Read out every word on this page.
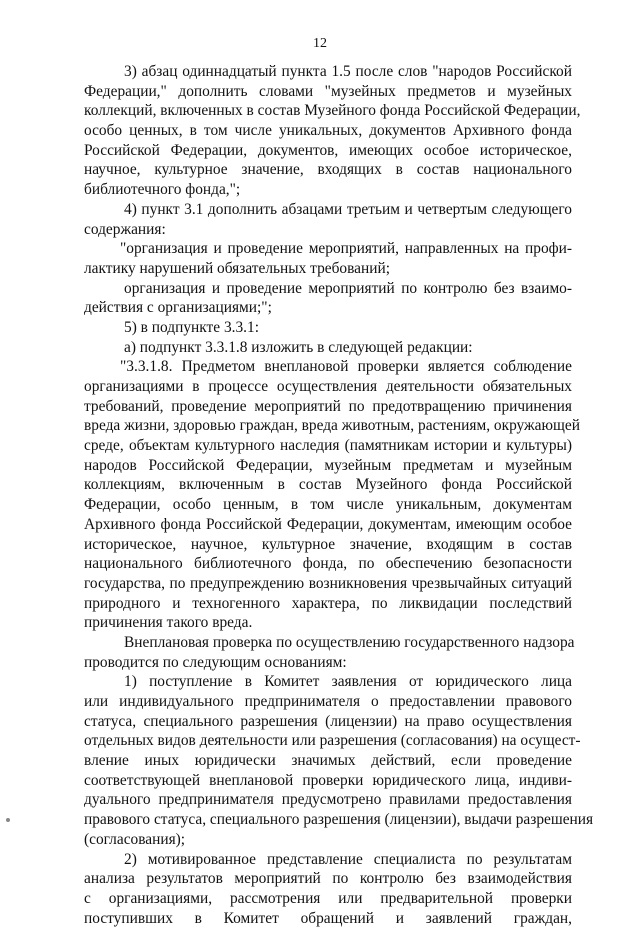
12
3) абзац одиннадцатый пункта 1.5 после слов "народов Российской
Федерации," дополнить словами "музейных предметов и музейных
коллекций, включенных в состав Музейного фонда Российской Федерации,
особо ценных, в том числе уникальных, документов Архивного фонда
Российской Федерации, документов, имеющих особое историческое,
научное, культурное значение, входящих в состав национального
библиотечного фонда,";
4) пункт 3.1 дополнить абзацами третьим и четвертым следующего
содержания:
"организация и проведение мероприятий, направленных на профи-
лактику нарушений обязательных требований;
организация и проведение мероприятий по контролю без взаимо-
действия с организациями;";
5) в подпункте 3.3.1:
а) подпункт 3.3.1.8 изложить в следующей редакции:
"3.3.1.8. Предметом внеплановой проверки является соблюдение
организациями в процессе осуществления деятельности обязательных
требований, проведение мероприятий по предотвращению причинения
вреда жизни, здоровью граждан, вреда животным, растениям, окружающей
среде, объектам культурного наследия (памятникам истории и культуры)
народов Российской Федерации, музейным предметам и музейным
коллекциям, включенным в состав Музейного фонда Российской
Федерации, особо ценным, в том числе уникальным, документам
Архивного фонда Российской Федерации, документам, имеющим особое
историческое, научное, культурное значение, входящим в состав
национального библиотечного фонда, по обеспечению безопасности
государства, по предупреждению возникновения чрезвычайных ситуаций
природного и техногенного характера, по ликвидации последствий
причинения такого вреда.
Внеплановая проверка по осуществлению государственного надзора
проводится по следующим основаниям:
1) поступление в Комитет заявления от юридического лица
или индивидуального предпринимателя о предоставлении правового
статуса, специального разрешения (лицензии) на право осуществления
отдельных видов деятельности или разрешения (согласования) на осущест-
вление иных юридически значимых действий, если проведение
соответствующей внеплановой проверки юридического лица, индиви-
дуального предпринимателя предусмотрено правилами предоставления
правового статуса, специального разрешения (лицензии), выдачи разрешения
(согласования);
2) мотивированное представление специалиста по результатам
анализа результатов мероприятий по контролю без взаимодействия
с организациями, рассмотрения или предварительной проверки
поступивших в Комитет обращений и заявлений граждан,
